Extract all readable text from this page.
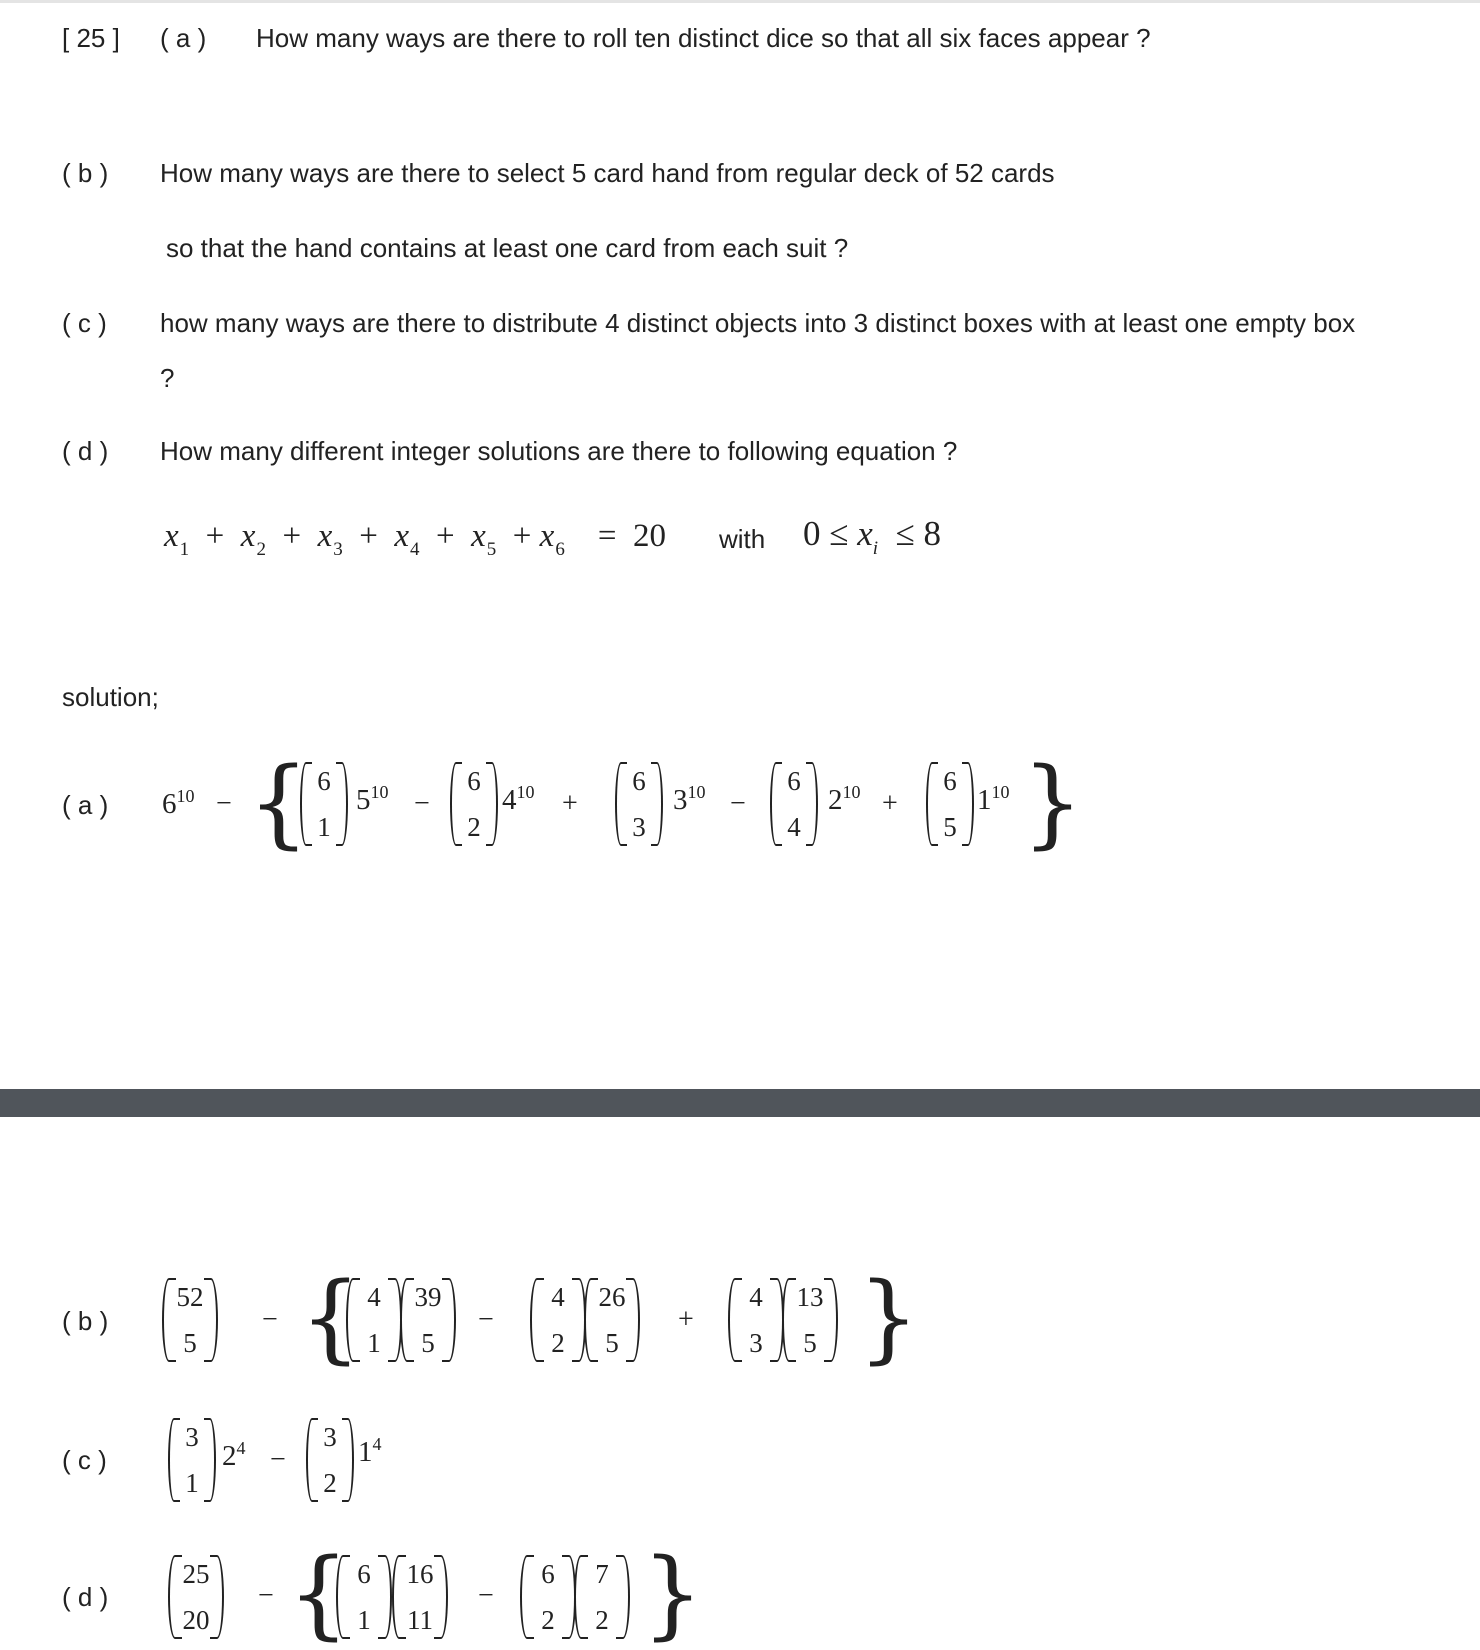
[ 25 ] ( a ) How many ways are there to roll ten distinct dice so that all six faces appear ?
( b ) How many ways are there to select 5 card hand from regular deck of 52 cards
so that the hand contains at least one card from each suit ?
( c ) how many ways are there to distribute 4 distinct objects into 3 distinct boxes with at least one empty box
?
( d ) How many different integer solutions are there to following equation ?
$x_1 + x_2 + x_3 + x_4 + x_5 + x_6 = 20$ with $0 \le x_i \le 8$
solution;
( a ) $6^{10}$ − { 6
1
$5^{10}$ −
6
2
$4^{10}$ +
6
3
$3^{10}$ −
6
4
$2^{10}$ +
6
5
$1^{10}$ }
( b )
52
5
− { 4
1
39
5
−
4
2
26
5
+
4
3
13
5 }
( c )
3
1
$2^4$ −
3
2
$1^4$
( d )
25
20
− { 6
1
16
11
−
6
2
7
2 }
